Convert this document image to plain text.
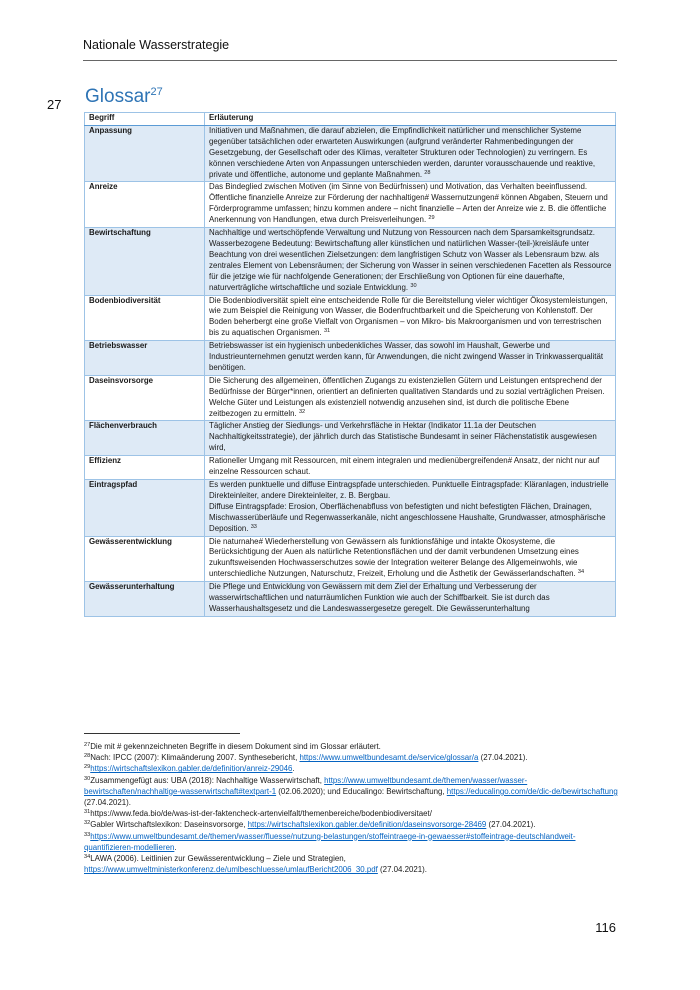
Nationale Wasserstrategie
27 Glossar$^{27}$
Begriff	Erläuterung
Anpassung	Initiativen und Maßnahmen, die darauf abzielen, die Empfindlichkeit natürlicher und menschlicher Systeme gegenüber tatsächlichen oder erwarteten Auswirkungen (aufgrund veränderter Rahmenbedingungen der Gesetzgebung, der Gesellschaft oder des Klimas, veralteter Strukturen oder Technologien) zu verringern. Es können verschiedene Arten von Anpassungen unterschieden werden, darunter vorausschauende und reaktive, private und öffentliche, autonome und geplante Maßnahmen. $^{28}$

Anreize	Das Bindeglied zwischen Motiven (im Sinne von Bedürfnissen) und Motivation, das Verhalten beeinflussend. Öffentliche finanzielle Anreize zur Förderung der nachhaltigen# Wassernutzungen# können Abgaben, Steuern und Förderprogramme umfassen; hinzu kommen andere – nicht finanzielle – Arten der Anreize wie z. B. die öffentliche Anerkennung von Handlungen, etwa durch Preisverleihungen. $^{29}$

Bewirtschaftung	Nachhaltige und wertschöpfende Verwaltung und Nutzung von Ressourcen nach dem Sparsamkeitsgrundsatz.
Wasserbezogene Bedeutung: Bewirtschaftung aller künstlichen und natürlichen Wasser-(teil-)kreisläufe unter Beachtung von drei wesentlichen Zielsetzungen: dem langfristigen Schutz von Wasser als Lebensraum bzw. als zentrales Element von Lebensräumen; der Sicherung von Wasser in seinen verschiedenen Facetten als Ressource für die jetzige wie für nachfolgende Generationen; der Erschließung von Optionen für eine dauerhafte, naturverträgliche wirtschaftliche und soziale Entwicklung. $^{30}$

Bodenbiodiversität	Die Bodenbiodiversität spielt eine entscheidende Rolle für die Bereitstellung vieler wichtiger Ökosystemleistungen, wie zum Beispiel die Reinigung von Wasser, die Bodenfruchtbarkeit und die Speicherung von Kohlenstoff. Der Boden beherbergt eine große Vielfalt von Organismen – von Mikro- bis Makroorganismen und von terrestrischen bis zu aquatischen Organismen. $^{31}$

Betriebswasser	Betriebswasser ist ein hygienisch unbedenkliches Wasser, das sowohl im Haushalt, Gewerbe und Industrieunternehmen genutzt werden kann, für Anwendungen, die nicht zwingend Wasser in Trinkwasserqualität benötigen.

Daseinsvorsorge	Die Sicherung des allgemeinen, öffentlichen Zugangs zu existenziellen Gütern und Leistungen entsprechend der Bedürfnisse der Bürger*innen, orientiert an definierten qualitativen Standards und zu sozial verträglichen Preisen. Welche Güter und Leistungen als existenziell notwendig anzusehen sind, ist durch die politische Ebene zeitbezogen zu ermitteln. $^{32}$

Flächenverbrauch	Täglicher Anstieg der Siedlungs- und Verkehrsfläche in Hektar (Indikator 11.1a der Deutschen Nachhaltigkeitsstrategie), der jährlich durch das Statistische Bundesamt in seiner Flächenstatistik ausgewiesen wird,

Effizienz	Rationeller Umgang mit Ressourcen, mit einem integralen und medienübergreifenden# Ansatz, der nicht nur auf einzelne Ressourcen schaut.

Eintragspfad	Es werden punktuelle und diffuse Eintragspfade unterschieden. Punktuelle Eintragspfade: Kläranlagen, industrielle Direkteinleiter, andere Direkteinleiter, z. B. Bergbau.
Diffuse Eintragspfade: Erosion, Oberflächenabfluss von befestigten und nicht befestigten Flächen, Drainagen, Mischwasserüberläufe und Regenwasserkanäle, nicht angeschlossene Haushalte, Grundwasser, atmosphärische Deposition. $^{33}$

Gewässerentwicklung	Die naturnahe# Wiederherstellung von Gewässern als funktionsfähige und intakte Ökosysteme, die Berücksichtigung der Auen als natürliche Retentionsflächen und der damit verbundenen Umsetzung eines zukunftsweisenden Hochwasserschutzes sowie der Integration weiterer Belange des Allgemeinwohls, wie unterschiedliche Nutzungen, Naturschutz, Freizeit, Erholung und die Ästhetik der Gewässerlandschaften. $^{34}$

Gewässerunterhaltung	Die Pflege und Entwicklung von Gewässern mit dem Ziel der Erhaltung und Verbesserung der wasserwirtschaftlichen und naturräumlichen Funktion wie auch der Schiffbarkeit. Sie ist durch das Wasserhaushaltsgesetz und die Landeswassergesetze geregelt. Die Gewässerunterhaltung
$^{27}$Die mit # gekennzeichneten Begriffe in diesem Dokument sind im Glossar erläutert.
$^{28}$Nach: IPCC (2007): Klimaänderung 2007. Synthesebericht, https://www.umweltbundesamt.de/service/glossar/a (27.04.2021).
$^{29}$https://wirtschaftslexikon.gabler.de/definition/anreiz-29046.
$^{30}$Zusammengefügt aus: UBA (2018): Nachhaltige Wasserwirtschaft, https://www.umweltbundesamt.de/themen/wasser/wasser-bewirtschaften/nachhaltige-wasserwirtschaft#textpart-1 (02.06.2020); und Educalingo: Bewirtschaftung, https://educalingo.com/de/dic-de/bewirtschaftung (27.04.2021).
$^{31}$https://www.feda.bio/de/was-ist-der-faktencheck-artenvielfalt/themenbereiche/bodenbiodiversitaet/
$^{32}$Gabler Wirtschaftslexikon: Daseinsvorsorge, https://wirtschaftslexikon.gabler.de/definition/daseinsvorsorge-28469 (27.04.2021).
$^{33}$https://www.umweltbundesamt.de/themen/wasser/fluesse/nutzung-belastungen/stoffeintraege-in-gewaesser#stoffeintrage-deutschlandweit-quantifizieren-modellieren.
$^{34}$LAWA (2006). Leitlinien zur Gewässerentwicklung – Ziele und Strategien, https://www.umweltministerkonferenz.de/umlbeschluesse/umlaufBericht2006_30.pdf (27.04.2021).
116
